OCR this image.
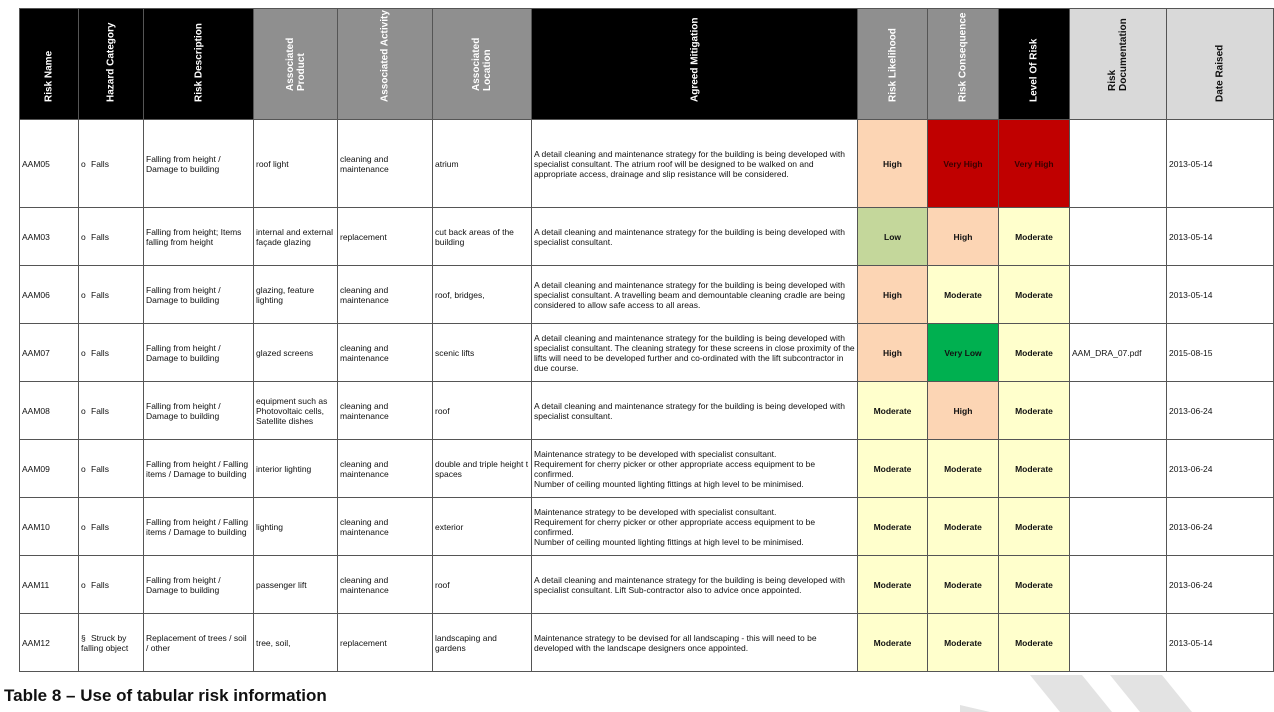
Risk Name	Hazard Category	Risk Description	Associated
Product	Associated Activity	Associated
Location	Agreed Mitigation	Risk Likelihood	Risk Consequence	Level Of Risk	Risk
Documentation	Date Raised

AAM05	o Falls	Falling from height / Damage to building	roof light	cleaning and maintenance	atrium	A detail cleaning and maintenance strategy for the building is being developed with specialist consultant. The atrium roof will be designed to be walked on and appropriate access, drainage and slip resistance will be considered.	High	Very High	Very High		2013-05-14
AAM03	o Falls	Falling from height; Items falling from height	internal and external façade glazing	replacement	cut back areas of the building	A detail cleaning and maintenance strategy for the building is being developed with specialist consultant.	Low	High	Moderate		2013-05-14
AAM06	o Falls	Falling from height / Damage to building	glazing, feature lighting	cleaning and maintenance	roof, bridges,	A detail cleaning and maintenance strategy for the building is being developed with specialist consultant. A travelling beam and demountable cleaning cradle are being considered to allow safe access to all areas.	High	Moderate	Moderate		2013-05-14
AAM07	o Falls	Falling from height / Damage to building	glazed screens	cleaning and maintenance	scenic lifts	A detail cleaning and maintenance strategy for the building is being developed with specialist consultant. The cleaning strategy for these screens in close proximity of the lifts will need to be developed further and co-ordinated with the lift subcontractor in due course.	High	Very Low	Moderate	AAM_DRA_07.pdf	2015-08-15
AAM08	o Falls	Falling from height / Damage to building	equipment such as Photovoltaic cells, Satellite dishes	cleaning and maintenance	roof	A detail cleaning and maintenance strategy for the building is being developed with specialist consultant.	Moderate	High	Moderate		2013-06-24
AAM09	o Falls	Falling from height / Falling items / Damage to building	interior lighting	cleaning and maintenance	double and triple height t spaces	Maintenance strategy to be developed with specialist consultant.
Requirement for cherry picker or other appropriate access equipment to be confirmed.
Number of ceiling mounted lighting fittings at high level to be minimised.	Moderate	Moderate	Moderate		2013-06-24
AAM10	o Falls	Falling from height / Falling items / Damage to building	lighting	cleaning and maintenance	exterior	Maintenance strategy to be developed with specialist consultant.
Requirement for cherry picker or other appropriate access equipment to be confirmed.
Number of ceiling mounted lighting fittings at high level to be minimised.	Moderate	Moderate	Moderate		2013-06-24
AAM11	o Falls	Falling from height / Damage to building	passenger lift	cleaning and maintenance	roof	A detail cleaning and maintenance strategy for the building is being developed with specialist consultant. Lift Sub-contractor also to advice once appointed.	Moderate	Moderate	Moderate		2013-06-24
AAM12	§ Struck by falling object	Replacement of trees / soil / other	tree, soil,	replacement	landscaping and gardens	Maintenance strategy to be devised for all landscaping - this will need to be developed with the landscape designers once appointed.	Moderate	Moderate	Moderate		2013-05-14

Table 8 – Use of tabular risk information
